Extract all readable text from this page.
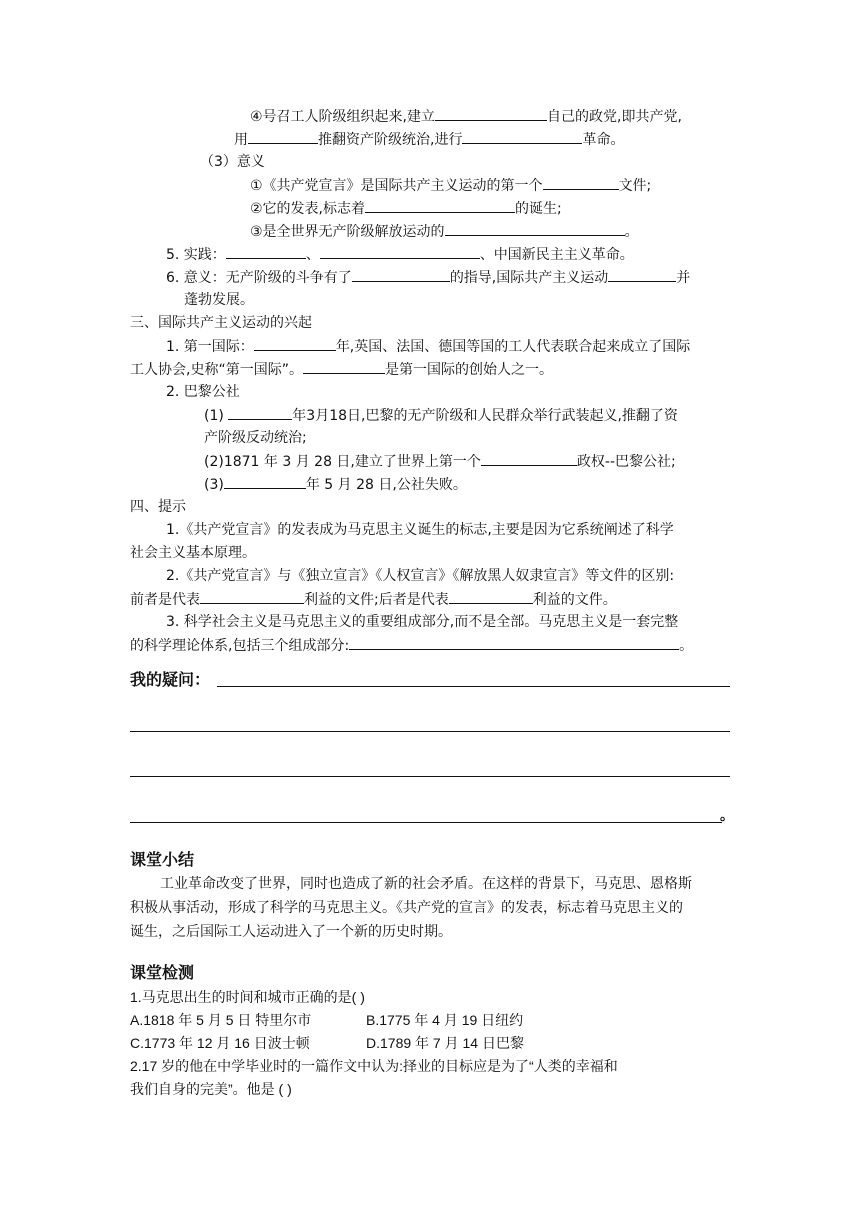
④号召工人阶级组织起来,建立	自己的政党,即共产党,
用	推翻资产阶级统治,进行	革命。
（3）意义
①《共产党宣言》是国际共产主义运动的第一个	文件;
②它的发表,标志着	的诞生;
③是全世界无产阶级解放运动的	。
5. 实践：	、	、中国新民主主义革命。
6. 意义：无产阶级的斗争有了	的指导,国际共产主义运动	并
蓬勃发展。
三、国际共产主义运动的兴起
1. 第一国际：	年,英国、法国、德国等国的工人代表联合起来成立了国际
工人协会,史称“第一国际”。	是第一国际的创始人之一。
2. 巴黎公社
(1)	年3月18日,巴黎的无产阶级和人民群众举行武装起义,推翻了资
产阶级反动统治;
(2)1871 年 3 月 28 日,建立了世界上第一个	政权--巴黎公社;
(3)	年 5 月 28 日,公社失败。
四、提示
1.《共产党宣言》的发表成为马克思主义诞生的标志,主要是因为它系统阐述了科学
社会主义基本原理。
2.《共产党宣言》与《独立宣言》《人权宣言》《解放黑人奴隶宣言》等文件的区别:
前者是代表	利益的文件;后者是代表	利益的文件。
3. 科学社会主义是马克思主义的重要组成部分,而不是全部。马克思主义是一套完整
的科学理论体系,包括三个组成部分:	。
我的疑问：
。
课堂小结
工业革命改变了世界，同时也造成了新的社会矛盾。在这样的背景下，马克思、恩格斯
积极从事活动，形成了科学的马克思主义。《共产党的宣言》的发表，标志着马克思主义的
诞生，之后国际工人运动进入了一个新的历史时期。
课堂检测
1.马克思出生的时间和城市正确的是( )
A.1818 年 5 月 5 日 特里尔市	B.1775 年 4 月 19 日纽约
C.1773 年 12 月 16 日波士顿	D.1789 年 7 月 14 日巴黎
2.17 岁的他在中学毕业时的一篇作文中认为:择业的目标应是为了“人类的幸福和
我们自身的完美”。他是 ( )
